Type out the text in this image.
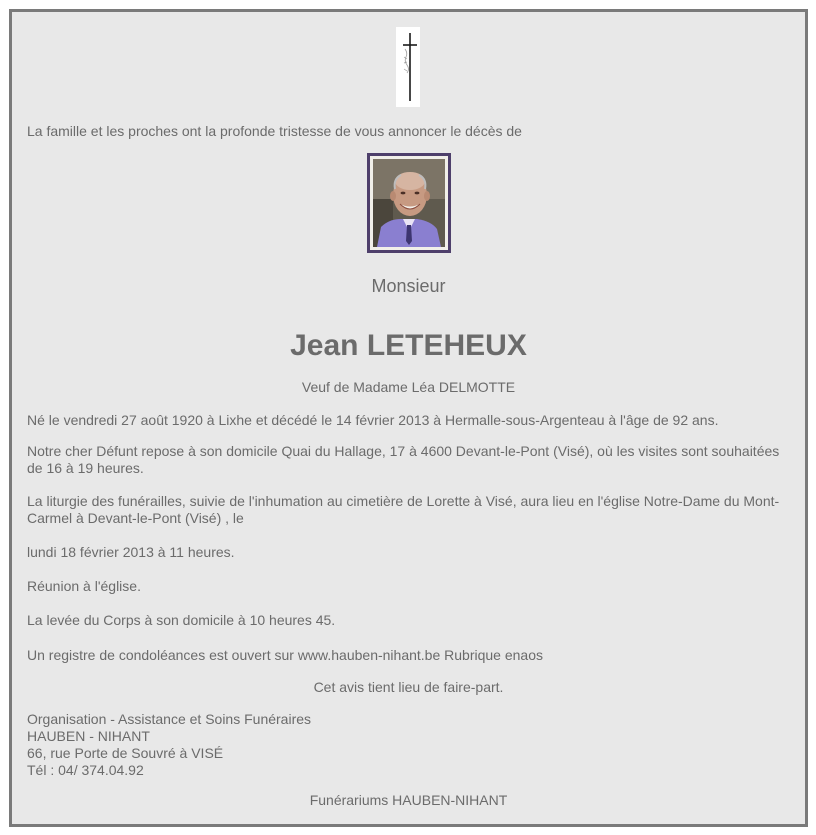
La famille et les proches ont la profonde tristesse de vous annoncer le décès de
Monsieur
Jean LETEHEUX
Veuf de Madame Léa DELMOTTE
Né le vendredi 27 août 1920 à Lixhe et décédé le 14 février 2013 à Hermalle-sous-Argenteau à l'âge de 92 ans.
Notre cher Défunt repose à son domicile Quai du Hallage, 17 à 4600 Devant-le-Pont (Visé), où les visites sont souhaitées de 16 à 19 heures.
La liturgie des funérailles, suivie de l'inhumation au cimetière de Lorette à Visé, aura lieu en l'église Notre-Dame du Mont-Carmel à Devant-le-Pont (Visé) , le
lundi 18 février 2013 à 11 heures.
Réunion à l'église.
La levée du Corps à son domicile à 10 heures 45.
Un registre de condoléances est ouvert sur www.hauben-nihant.be Rubrique enaos
Cet avis tient lieu de faire-part.
Organisation - Assistance et Soins Funéraires
HAUBEN - NIHANT
66, rue Porte de Souvré à VISÉ
Tél : 04/ 374.04.92
Funérariums HAUBEN-NIHANT
